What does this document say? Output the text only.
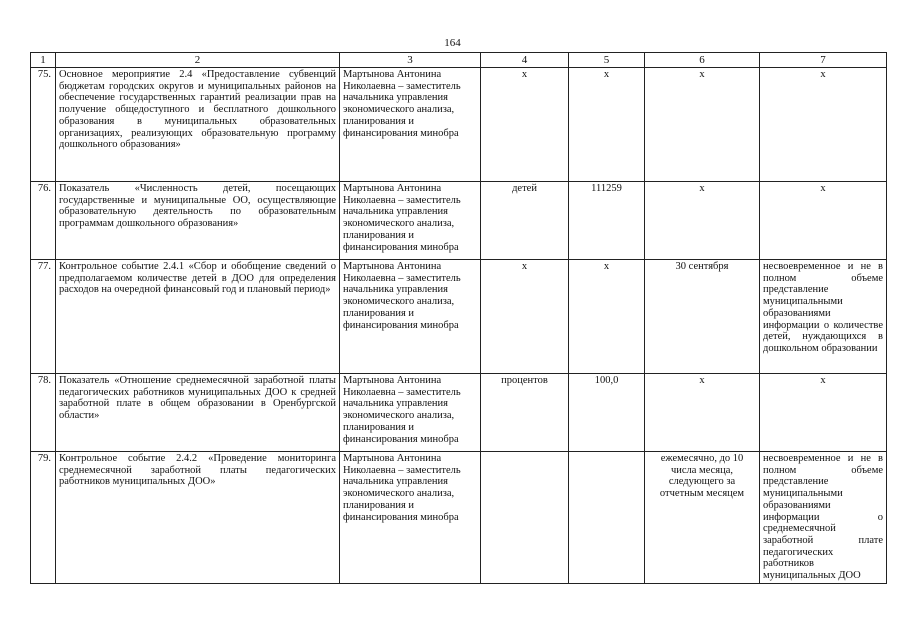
164
1	2	3	4	5	6	7
75.	Основное мероприятие 2.4 «Предоставление субвенций бюджетам городских округов и муниципальных районов на обеспечение государственных гарантий реализации прав на получение общедоступного и бесплатного дошкольного образования в муниципальных образовательных организациях, реализующих образовательную программу дошкольного образования»	Мартынова Антонина Николаевна – заместитель начальника управления экономического анализа, планирования и финансирования минобра	х	х	х	х
76.	Показатель «Численность детей, посещающих государственные и муниципальные ОО, осуществляющие образовательную деятельность по образовательным программам дошкольного образования»	Мартынова Антонина Николаевна – заместитель начальника управления экономического анализа, планирования и финансирования минобра	детей	111259	х	х
77.	Контрольное событие 2.4.1 «Сбор и обобщение сведений о предполагаемом количестве детей в ДОО для определения расходов на очередной финансовый год и плановый период»	Мартынова Антонина Николаевна – заместитель начальника управления экономического анализа, планирования и финансирования минобра	х	х	30 сентября	несвоевременное и не в полном объеме представление муниципальными образованиями информации о количестве детей, нуждающихся в дошкольном образовании
78.	Показатель «Отношение среднемесячной заработной платы педагогических работников муниципальных ДОО к средней заработной плате в общем образовании в Оренбургской области»	Мартынова Антонина Николаевна – заместитель начальника управления экономического анализа, планирования и финансирования минобра	процентов	100,0	х	х
79.	Контрольное событие 2.4.2 «Проведение мониторинга среднемесячной заработной платы педагогических работников муниципальных ДОО»	Мартынова Антонина Николаевна – заместитель начальника управления экономического анализа, планирования и финансирования минобра			ежемесячно, до 10 числа месяца, следующего за отчетным месяцем	несвоевременное и не в полном объеме представление муниципальными образованиями информации о среднемесячной заработной плате педагогических работников муниципальных ДОО
